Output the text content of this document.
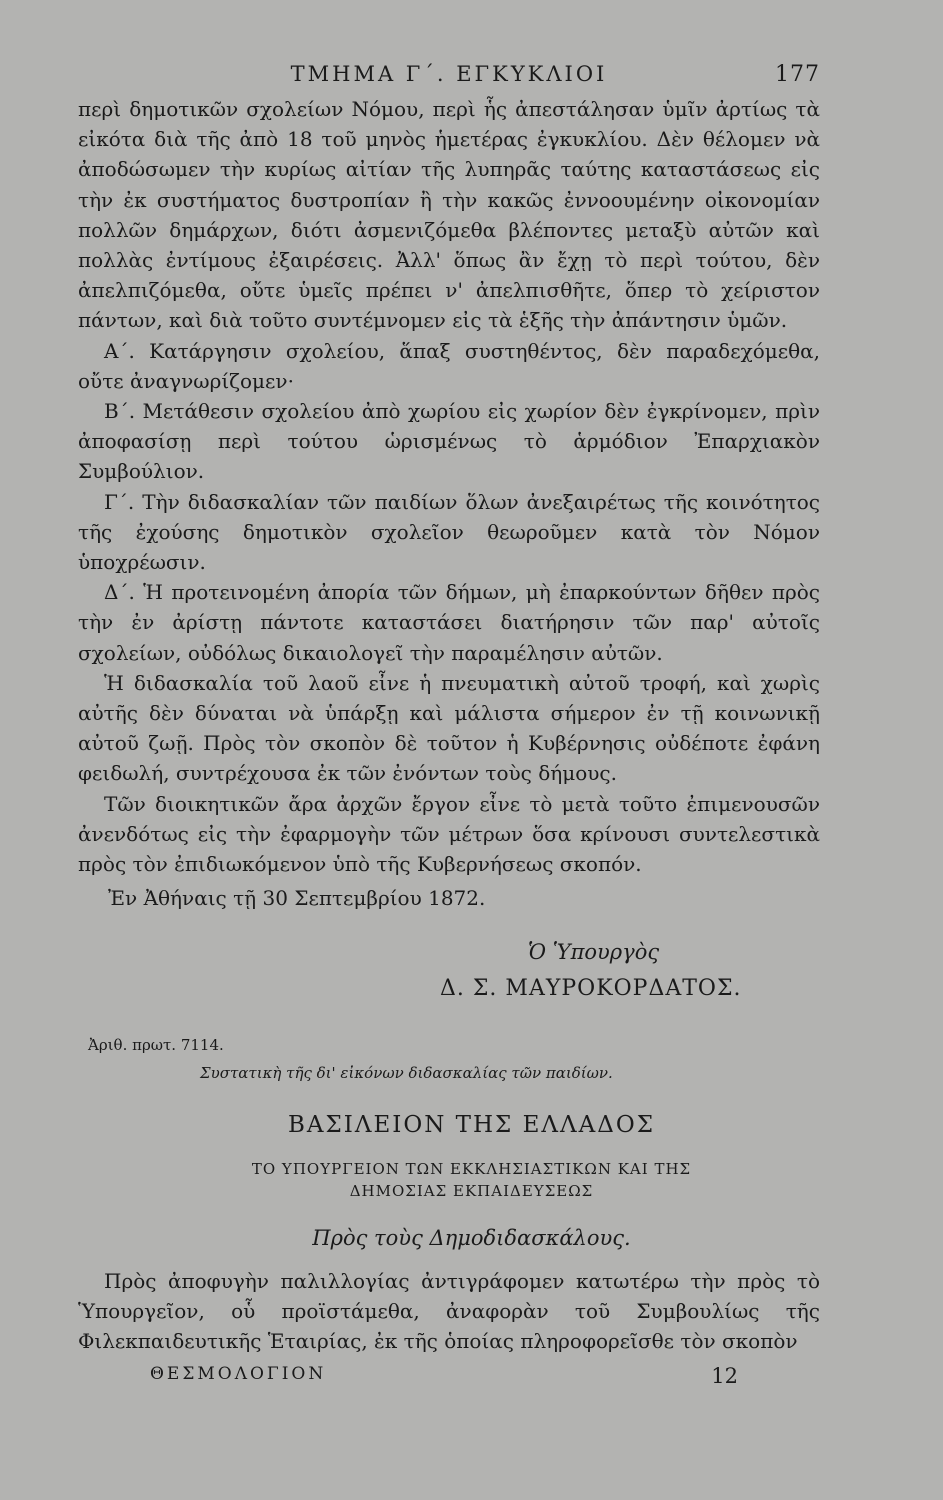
ΤΜΗΜΑ Γ΄. ΕΓΚΥΚΛΙΟΙ	177

περὶ δημοτικῶν σχολείων Νόμου, περὶ ἧς ἀπεστάλησαν ὑμῖν ἀρτίως τὰ εἰκότα διὰ τῆς ἀπὸ 18 τοῦ μηνὸς ἡμετέρας ἐγκυκλίου. Δὲν θέλομεν νὰ ἀποδώσωμεν τὴν κυρίως αἰτίαν τῆς λυπηρᾶς ταύτης καταστάσεως εἰς τὴν ἐκ συστήματος δυστροπίαν ἢ τὴν κακῶς ἐννοουμένην οἰκονομίαν πολλῶν δημάρχων, διότι ἀσμενιζόμεθα βλέποντες μεταξὺ αὐτῶν καὶ πολλὰς ἐντίμους ἐξαιρέσεις. Ἀλλ' ὅπως ἂν ἔχῃ τὸ περὶ τούτου, δὲν ἀπελπιζόμεθα, οὔτε ὑμεῖς πρέπει ν' ἀπελπισθῆτε, ὅπερ τὸ χείριστον πάντων, καὶ διὰ τοῦτο συντέμνομεν εἰς τὰ ἑξῆς τὴν ἀπάντησιν ὑμῶν.

Α΄. Κατάργησιν σχολείου, ἅπαξ συστηθέντος, δὲν παραδεχόμεθα, οὔτε ἀναγνωρίζομεν·

Β΄. Μετάθεσιν σχολείου ἀπὸ χωρίου εἰς χωρίον δὲν ἐγκρίνομεν, πρὶν ἀποφασίσῃ περὶ τούτου ὡρισμένως τὸ ἁρμόδιον Ἐπαρχιακὸν Συμβούλιον.

Γ΄. Τὴν διδασκαλίαν τῶν παιδίων ὅλων ἀνεξαιρέτως τῆς κοινότητος τῆς ἐχούσης δημοτικὸν σχολεῖον θεωροῦμεν κατὰ τὸν Νόμον ὑποχρέωσιν.

Δ΄. Ἡ προτεινομένη ἀπορία τῶν δήμων, μὴ ἐπαρκούντων δῆθεν πρὸς τὴν ἐν ἀρίστῃ πάντοτε καταστάσει διατήρησιν τῶν παρ' αὐτοῖς σχολείων, οὐδόλως δικαιολογεῖ τὴν παραμέλησιν αὐτῶν.

Ἡ διδασκαλία τοῦ λαοῦ εἶνε ἡ πνευματικὴ αὐτοῦ τροφή, καὶ χωρὶς αὐτῆς δὲν δύναται νὰ ὑπάρξῃ καὶ μάλιστα σήμερον ἐν τῇ κοινωνικῇ αὐτοῦ ζωῇ. Πρὸς τὸν σκοπὸν δὲ τοῦτον ἡ Κυβέρνησις οὐδέποτε ἐφάνη φειδωλή, συντρέχουσα ἐκ τῶν ἐνόντων τοὺς δήμους.

Τῶν διοικητικῶν ἄρα ἀρχῶν ἔργον εἶνε τὸ μετὰ τοῦτο ἐπιμενουσῶν ἀνενδότως εἰς τὴν ἐφαρμογὴν τῶν μέτρων ὅσα κρίνουσι συντελεστικὰ πρὸς τὸν ἐπιδιωκόμενον ὑπὸ τῆς Κυβερνήσεως σκοπόν.

Ἐν Ἀθήναις τῇ 30 Σεπτεμβρίου 1872.

Ὁ Ὑπουργὸς
Δ. Σ. ΜΑΥΡΟΚΟΡΔΑΤΟΣ.
Ἀριθ. πρωτ. 7114.
Συστατικὴ τῆς δι' εἰκόνων διδασκαλίας τῶν παιδίων.
ΒΑΣΙΛΕΙΟΝ ΤΗΣ ΕΛΛΑΔΟΣ
ΤΟ ΥΠΟΥΡΓΕΙΟΝ ΤΩΝ ΕΚΚΛΗΣΙΑΣΤΙΚΩΝ ΚΑΙ ΤΗΣ
ΔΗΜΟΣΙΑΣ ΕΚΠΑΙΔΕΥΣΕΩΣ
Πρὸς τοὺς Δημοδιδασκάλους.

Πρὸς ἀποφυγὴν παλιλλογίας ἀντιγράφομεν κατωτέρω τὴν πρὸς τὸ Ὑπουργεῖον, οὗ προϊστάμεθα, ἀναφορὰν τοῦ Συμβουλίως τῆς Φιλεκπαιδευτικῆς Ἑταιρίας, ἐκ τῆς ὁποίας πληροφορεῖσθε τὸν σκοπὸν

ΘΕΣΜΟΛΟΓΙΟΝ	12
